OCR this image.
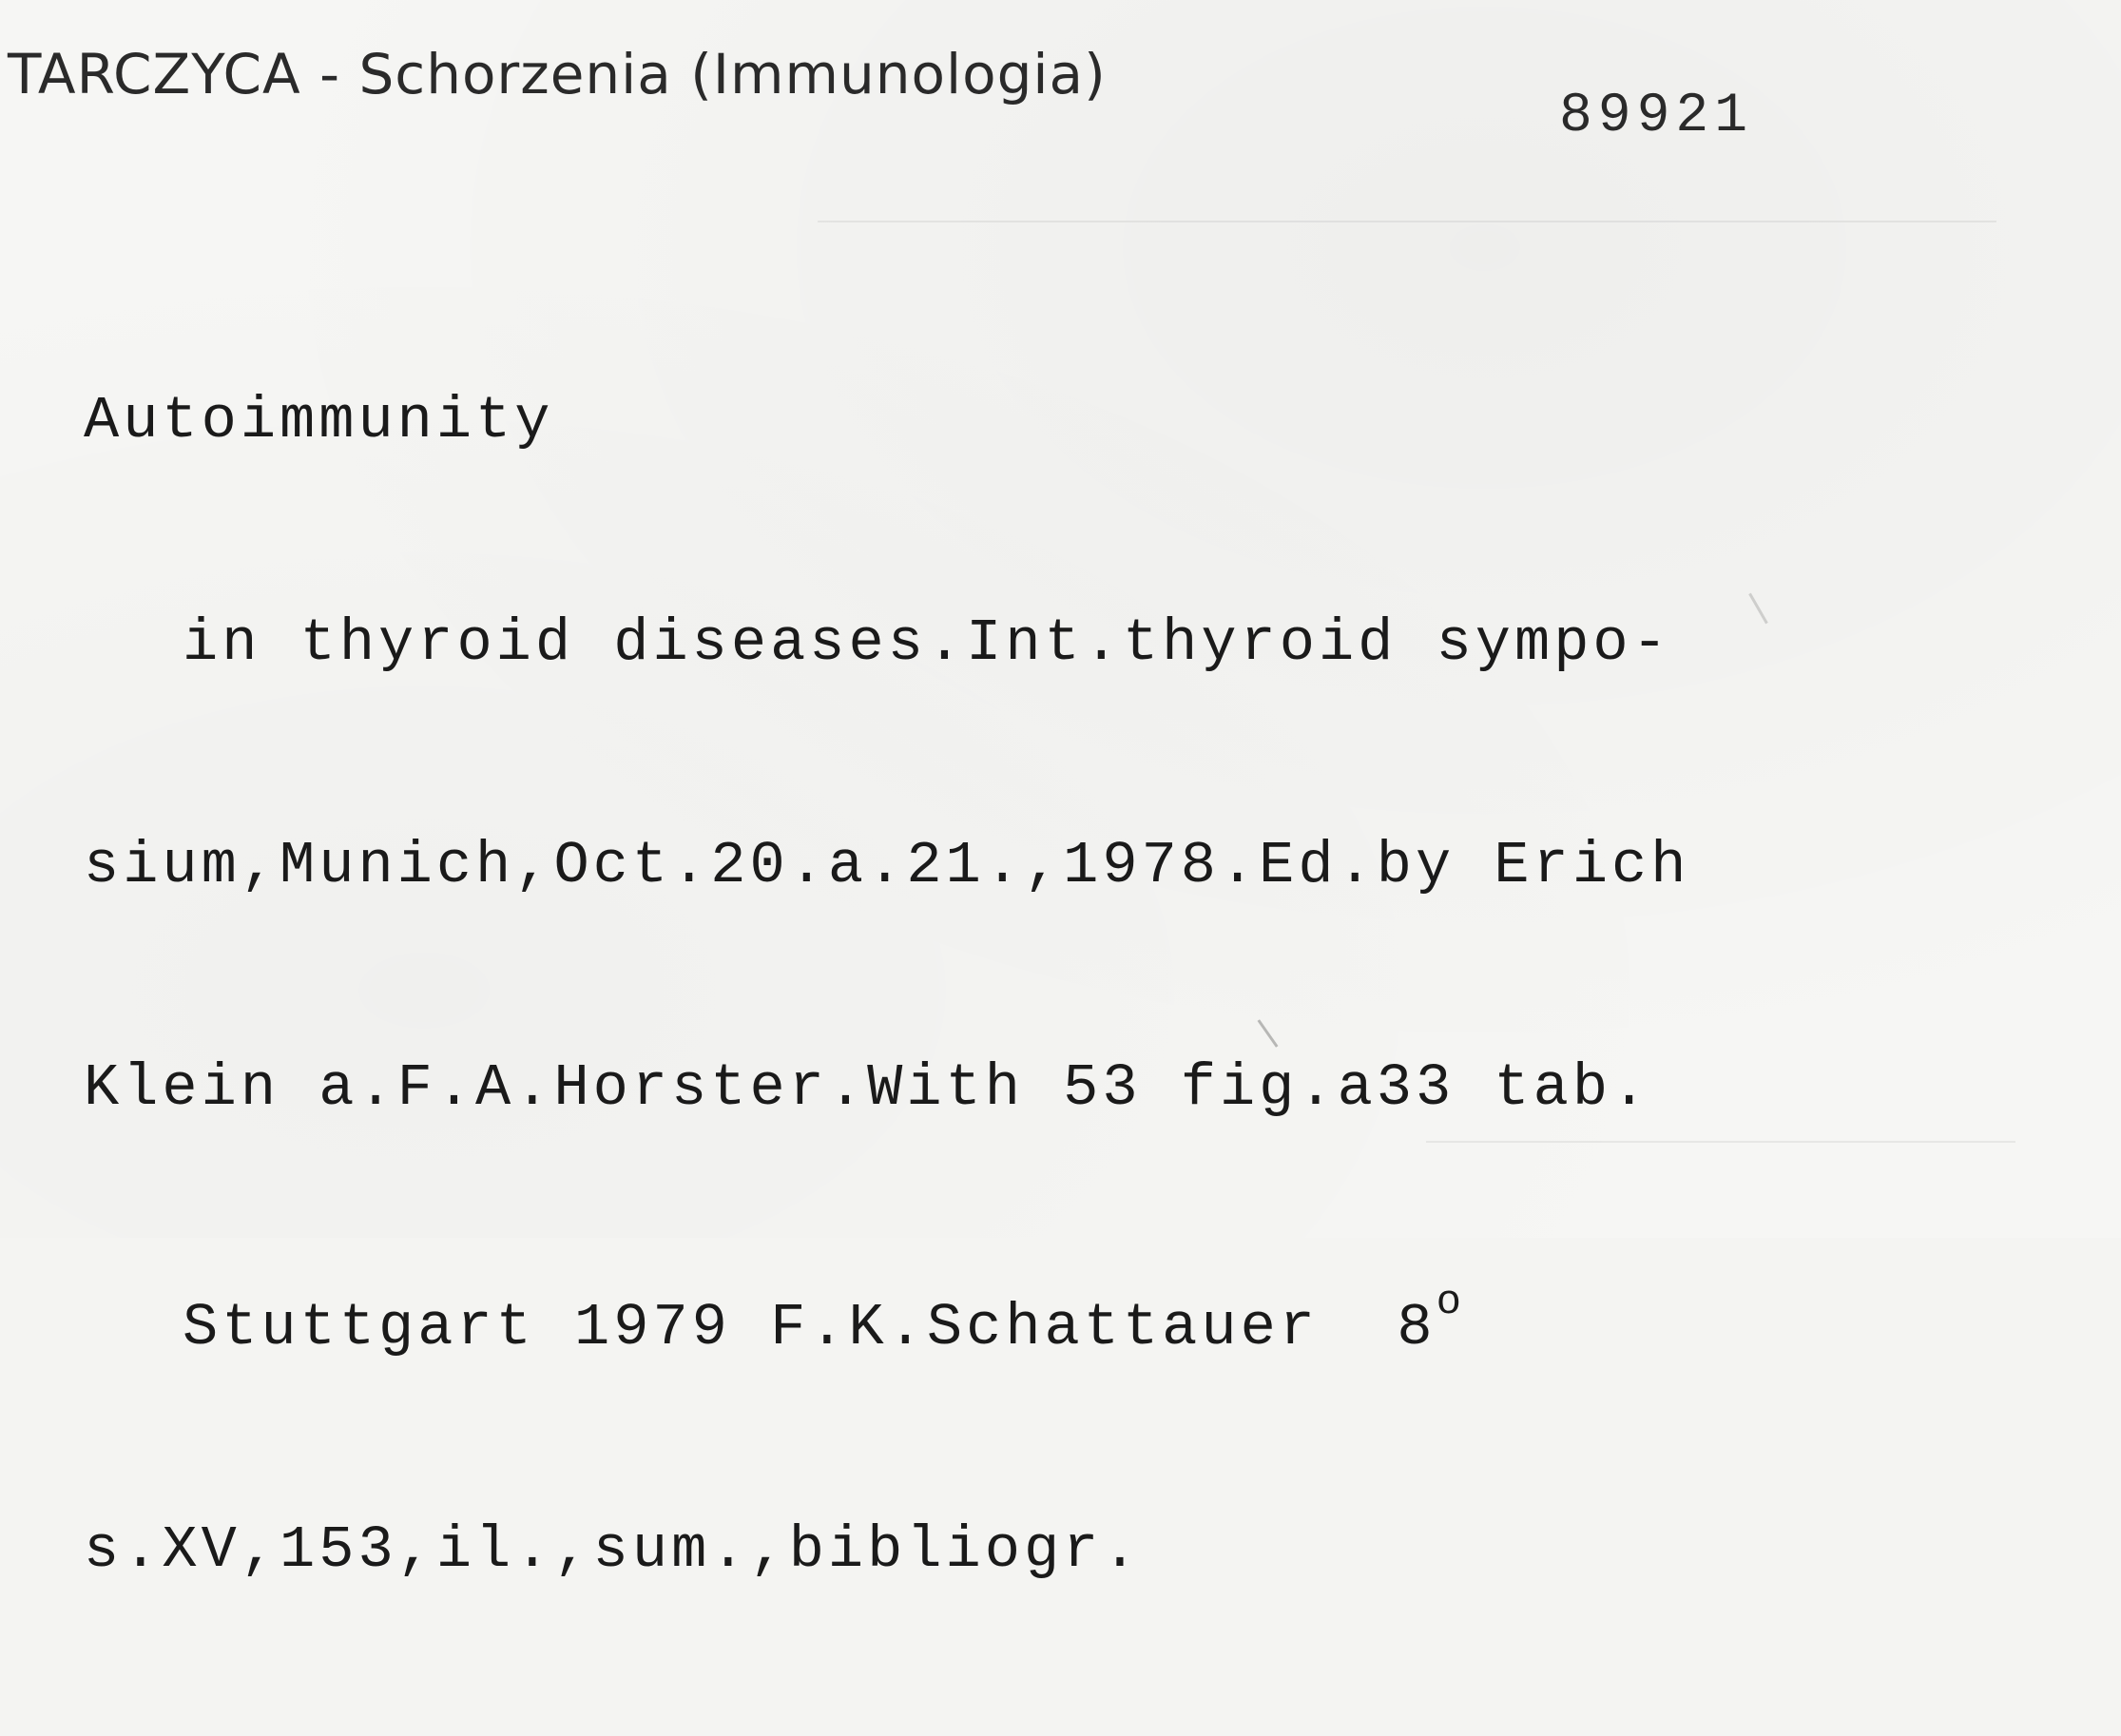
TARCZYCA - Schorzenia (Immunologia)
89921

Autoimmunity

in thyroid diseases.Int.thyroid sympo-

sium,Munich,Oct.20.a.21.,1978.Ed.by Erich

Klein a.F.A.Horster.With 53 fig.a33 tab.

Stuttgart 1979 F.K.Schattauer  8$^o$

s.XV,153,il.,sum.,bibliogr.
